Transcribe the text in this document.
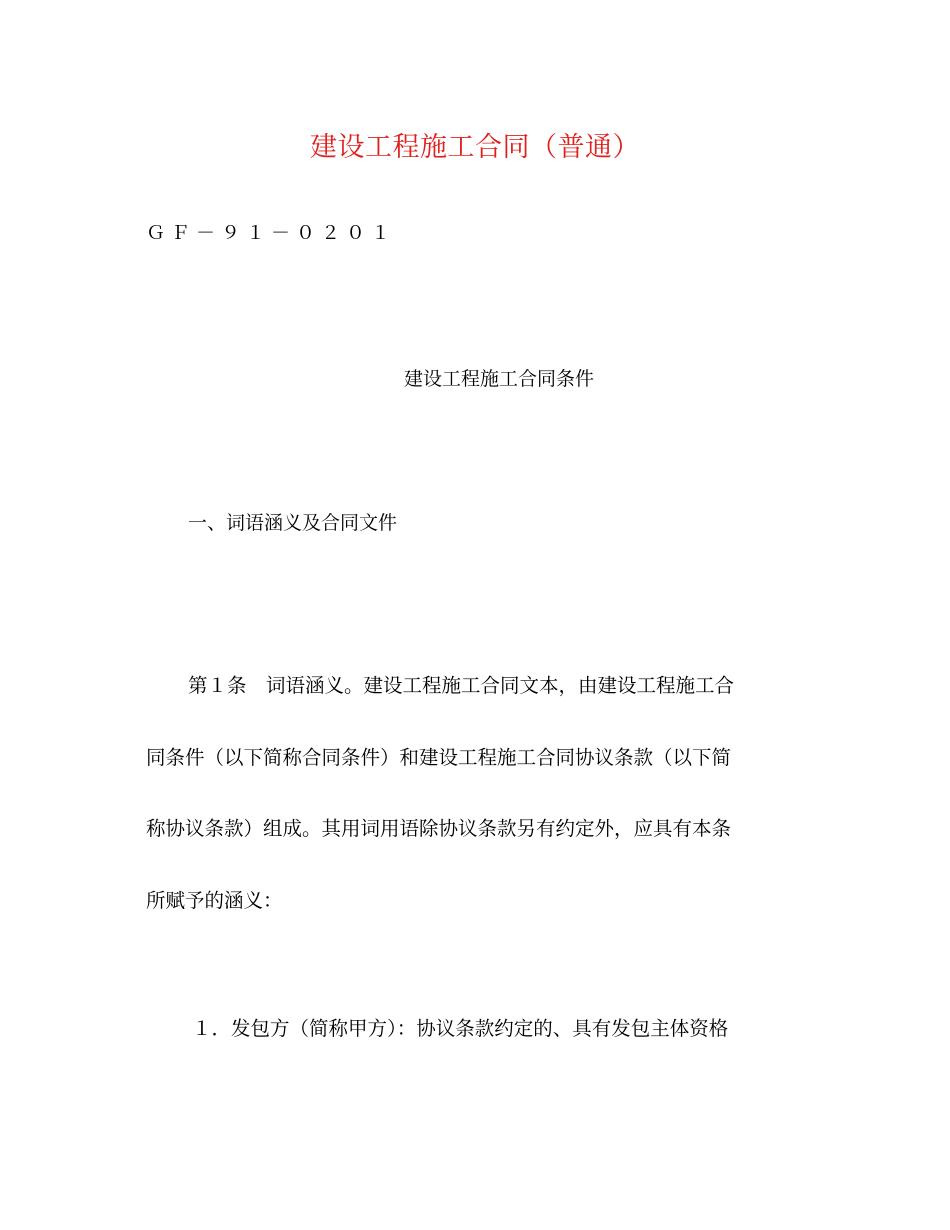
建设工程施工合同（普通）
ＧＦ－９１－０２０１
建设工程施工合同条件
一、词语涵义及合同文件

第１条　词语涵义。建设工程施工合同文本，由建设工程施工合
同条件（以下简称合同条件）和建设工程施工合同协议条款（以下简
称协议条款）组成。其用词用语除协议条款另有约定外，应具有本条
所赋予的涵义：

１．发包方（简称甲方）：协议条款约定的、具有发包主体资格
